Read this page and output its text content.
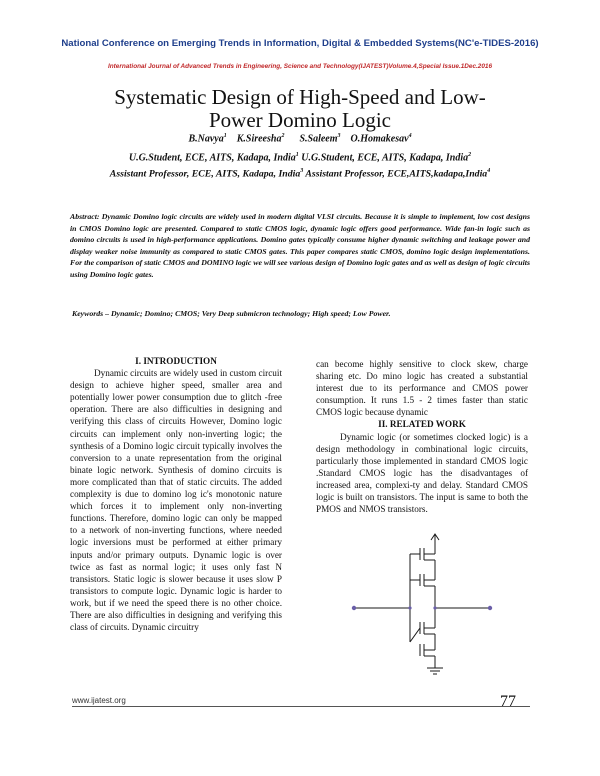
National Conference on Emerging Trends in Information, Digital & Embedded Systems(NC'e-TIDES-2016)
International Journal of Advanced Trends in Engineering, Science and Technology(IJATEST)Volume.4,Special Issue.1Dec.2016
Systematic Design of High-Speed and Low-
Power Domino Logic
B.Navya$^1$ K.Sireesha$^2$ S.Saleem$^3$ O.Homakesav$^4$
U.G.Student, ECE, AITS, Kadapa, India$^1$ U.G.Student, ECE, AITS, Kadapa, India$^2$
Assistant Professor, ECE, AITS, Kadapa, India$^3$ Assistant Professor, ECE,AITS,kadapa,India$^4$
Abstract: Dynamic Domino logic circuits are widely used in modern digital VLSI circuits. Because it is simple to implement, low cost designs in CMOS Domino logic are presented. Compared to static CMOS logic, dynamic logic offers good performance. Wide fan-in logic such as domino circuits is used in high-performance applications. Domino gates typically consume higher dynamic switching and leakage power and display weaker noise immunity as compared to static CMOS gates. This paper compares static CMOS, domino logic design implementations. For the comparison of static CMOS and DOMINO logic we will see various design of Domino logic gates and as well as design of logic circuits using Domino logic gates.
Keywords – Dynamic; Domino; CMOS; Very Deep submicron technology; High speed; Low Power.

I. INTRODUCTION

Dynamic circuits are widely used in custom circuit design to achieve higher speed, smaller area and potentially lower power consumption due to glitch -free operation. There are also difficulties in designing and verifying this class of circuits However, Domino logic circuits can implement only non-inverting logic; the synthesis of a Domino logic circuit typically involves the conversion to a unate representation from the original binate logic network. Synthesis of domino circuits is more complicated than that of static circuits. The added complexity is due to domino log ic's monotonic nature which forces it to implement only non-inverting functions. Therefore, domino logic can only be mapped to a network of non-inverting functions, where needed logic inversions must be performed at either primary inputs and/or primary outputs. Dynamic logic is over twice as fast as normal logic; it uses only fast N transistors. Static logic is slower because it uses slow P transistors to compute logic. Dynamic logic is harder to work, but if we need the speed there is no other choice. There are also difficulties in designing and verifying this class of circuits. Dynamic circuitry

can become highly sensitive to clock skew, charge sharing etc. Do mino logic has created a substantial interest due to its performance and CMOS power consumption. It runs 1.5 - 2 times faster than static CMOS logic because dynamic

II. RELATED WORK

Dynamic logic (or sometimes clocked logic) is a design methodology in combinational logic circuits, particularly those implemented in standard CMOS logic .Standard CMOS logic has the disadvantages of increased area, complexi-ty and delay. Standard CMOS logic is built on transistors. The input is same to both the PMOS and NMOS transistors.

www.ijatest.org	77
